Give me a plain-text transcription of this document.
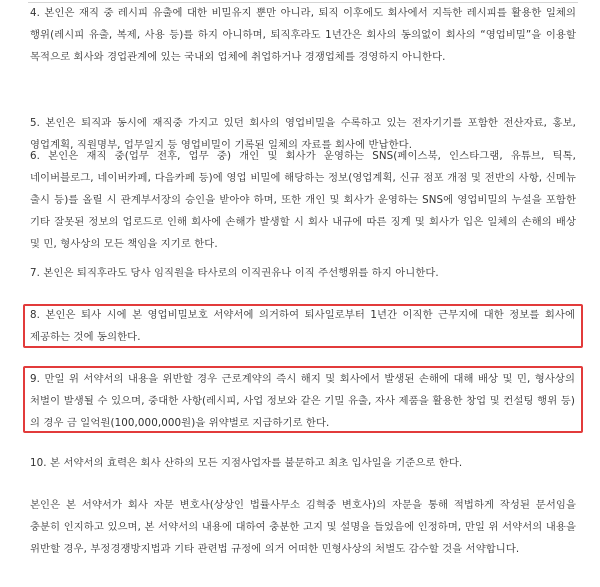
4. 본인은 재직 중 레시피 유출에 대한 비밀유지 뿐만 아니라, 퇴직 이후에도 회사에서 지득한 레시피를 활용한 일체의 행위(레시피 유출, 복제, 사용 등)를 하지 아니하며, 퇴직후라도 1년간은 회사의 동의없이 회사의 “영업비밀”을 이용할 목적으로 회사와 경업관계에 있는 국내외 업체에 취업하거나 경쟁업체를 경영하지 아니한다.

5. 본인은 퇴직과 동시에 재직중 가지고 있던 회사의 영업비밀을 수록하고 있는 전자기기를 포함한 전산자료, 홍보, 영업계획, 직원명부, 업무일지 등 영업비밀이 기록된 일체의 자료를 회사에 반납한다.

6. 본인은 재직 중(업무 전후, 업무 중) 개인 및 회사가 운영하는 SNS(페이스북, 인스타그램, 유튜브, 틱톡, 네이버블로그, 네이버카페, 다음카페 등)에 영업 비밀에 해당하는 정보(영업계획, 신규 점포 개점 및 전반의 사항, 신메뉴 출시 등)를 올릴 시 관계부서장의 승인을 받아야 하며, 또한 개인 및 회사가 운영하는 SNS에 영업비밀의 누설을 포함한 기타 잘못된 정보의 업로드로 인해 회사에 손해가 발생할 시 회사 내규에 따른 징계 및 회사가 입은 일체의 손해의 배상 및 민, 형사상의 모든 책임을 지기로 한다.

7. 본인은 퇴직후라도 당사 임직원을 타사로의 이직권유나 이직 주선행위를 하지 아니한다.

8. 본인은 퇴사 시에 본 영업비밀보호 서약서에 의거하여 퇴사일로부터 1년간 이직한 근무지에 대한 정보를 회사에 제공하는 것에 동의한다.

9. 만일 위 서약서의 내용을 위반할 경우 근로계약의 즉시 해지 및 회사에서 발생된 손해에 대해 배상 및 민, 형사상의 처벌이 발생될 수 있으며, 중대한 사항(레시피, 사업 정보와 같은 기밀 유출, 자사 제품을 활용한 창업 및 컨설팅 행위 등)의 경우 금 일억원(100,000,000원)을 위약벌로 지급하기로 한다.

10. 본 서약서의 효력은 회사 산하의 모든 지점사업자를 불문하고 최초 입사일을 기준으로 한다.

본인은 본 서약서가 회사 자문 변호사(상상인 법률사무소 김혁중 변호사)의 자문을 통해 적법하게 작성된 문서임을 충분히 인지하고 있으며, 본 서약서의 내용에 대하여 충분한 고지 및 설명을 들었음에 인정하며, 만일 위 서약서의 내용을 위반할 경우, 부정경쟁방지법과 기타 관련법 규정에 의거 어떠한 민형사상의 처벌도 감수할 것을 서약합니다.
